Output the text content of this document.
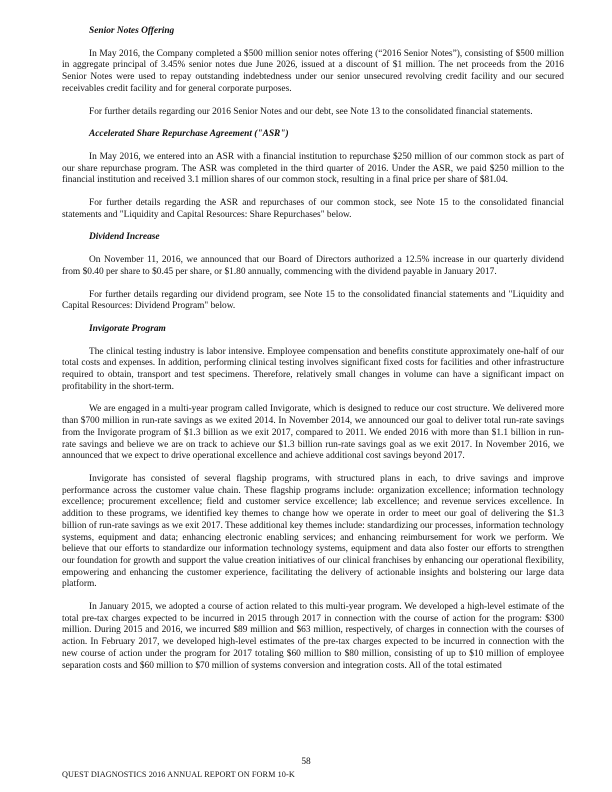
Senior Notes Offering

In May 2016, the Company completed a $500 million senior notes offering (“2016 Senior Notes”), consisting of $500 million in aggregate principal of 3.45% senior notes due June 2026, issued at a discount of $1 million. The net proceeds from the 2016 Senior Notes were used to repay outstanding indebtedness under our senior unsecured revolving credit facility and our secured receivables credit facility and for general corporate purposes.

For further details regarding our 2016 Senior Notes and our debt, see Note 13 to the consolidated financial statements.

Accelerated Share Repurchase Agreement ("ASR")

In May 2016, we entered into an ASR with a financial institution to repurchase $250 million of our common stock as part of our share repurchase program. The ASR was completed in the third quarter of 2016. Under the ASR, we paid $250 million to the financial institution and received 3.1 million shares of our common stock, resulting in a final price per share of $81.04.

For further details regarding the ASR and repurchases of our common stock, see Note 15 to the consolidated financial statements and "Liquidity and Capital Resources: Share Repurchases" below.

Dividend Increase

On November 11, 2016, we announced that our Board of Directors authorized a 12.5% increase in our quarterly dividend from $0.40 per share to $0.45 per share, or $1.80 annually, commencing with the dividend payable in January 2017.

For further details regarding our dividend program, see Note 15 to the consolidated financial statements and "Liquidity and Capital Resources: Dividend Program" below.

Invigorate Program

The clinical testing industry is labor intensive. Employee compensation and benefits constitute approximately one-half of our total costs and expenses. In addition, performing clinical testing involves significant fixed costs for facilities and other infrastructure required to obtain, transport and test specimens. Therefore, relatively small changes in volume can have a significant impact on profitability in the short-term.

We are engaged in a multi-year program called Invigorate, which is designed to reduce our cost structure. We delivered more than $700 million in run-rate savings as we exited 2014. In November 2014, we announced our goal to deliver total run-rate savings from the Invigorate program of $1.3 billion as we exit 2017, compared to 2011. We ended 2016 with more than $1.1 billion in run-rate savings and believe we are on track to achieve our $1.3 billion run-rate savings goal as we exit 2017. In November 2016, we announced that we expect to drive operational excellence and achieve additional cost savings beyond 2017.

Invigorate has consisted of several flagship programs, with structured plans in each, to drive savings and improve performance across the customer value chain. These flagship programs include: organization excellence; information technology excellence; procurement excellence; field and customer service excellence; lab excellence; and revenue services excellence. In addition to these programs, we identified key themes to change how we operate in order to meet our goal of delivering the $1.3 billion of run-rate savings as we exit 2017. These additional key themes include: standardizing our processes, information technology systems, equipment and data; enhancing electronic enabling services; and enhancing reimbursement for work we perform. We believe that our efforts to standardize our information technology systems, equipment and data also foster our efforts to strengthen our foundation for growth and support the value creation initiatives of our clinical franchises by enhancing our operational flexibility, empowering and enhancing the customer experience, facilitating the delivery of actionable insights and bolstering our large data platform.

In January 2015, we adopted a course of action related to this multi-year program. We developed a high-level estimate of the total pre-tax charges expected to be incurred in 2015 through 2017 in connection with the course of action for the program: $300 million. During 2015 and 2016, we incurred $89 million and $63 million, respectively, of charges in connection with the courses of action. In February 2017, we developed high-level estimates of the pre-tax charges expected to be incurred in connection with the new course of action under the program for 2017 totaling $60 million to $80 million, consisting of up to $10 million of employee separation costs and $60 million to $70 million of systems conversion and integration costs. All of the total estimated

58
QUEST DIAGNOSTICS 2016 ANNUAL REPORT ON FORM 10-K
